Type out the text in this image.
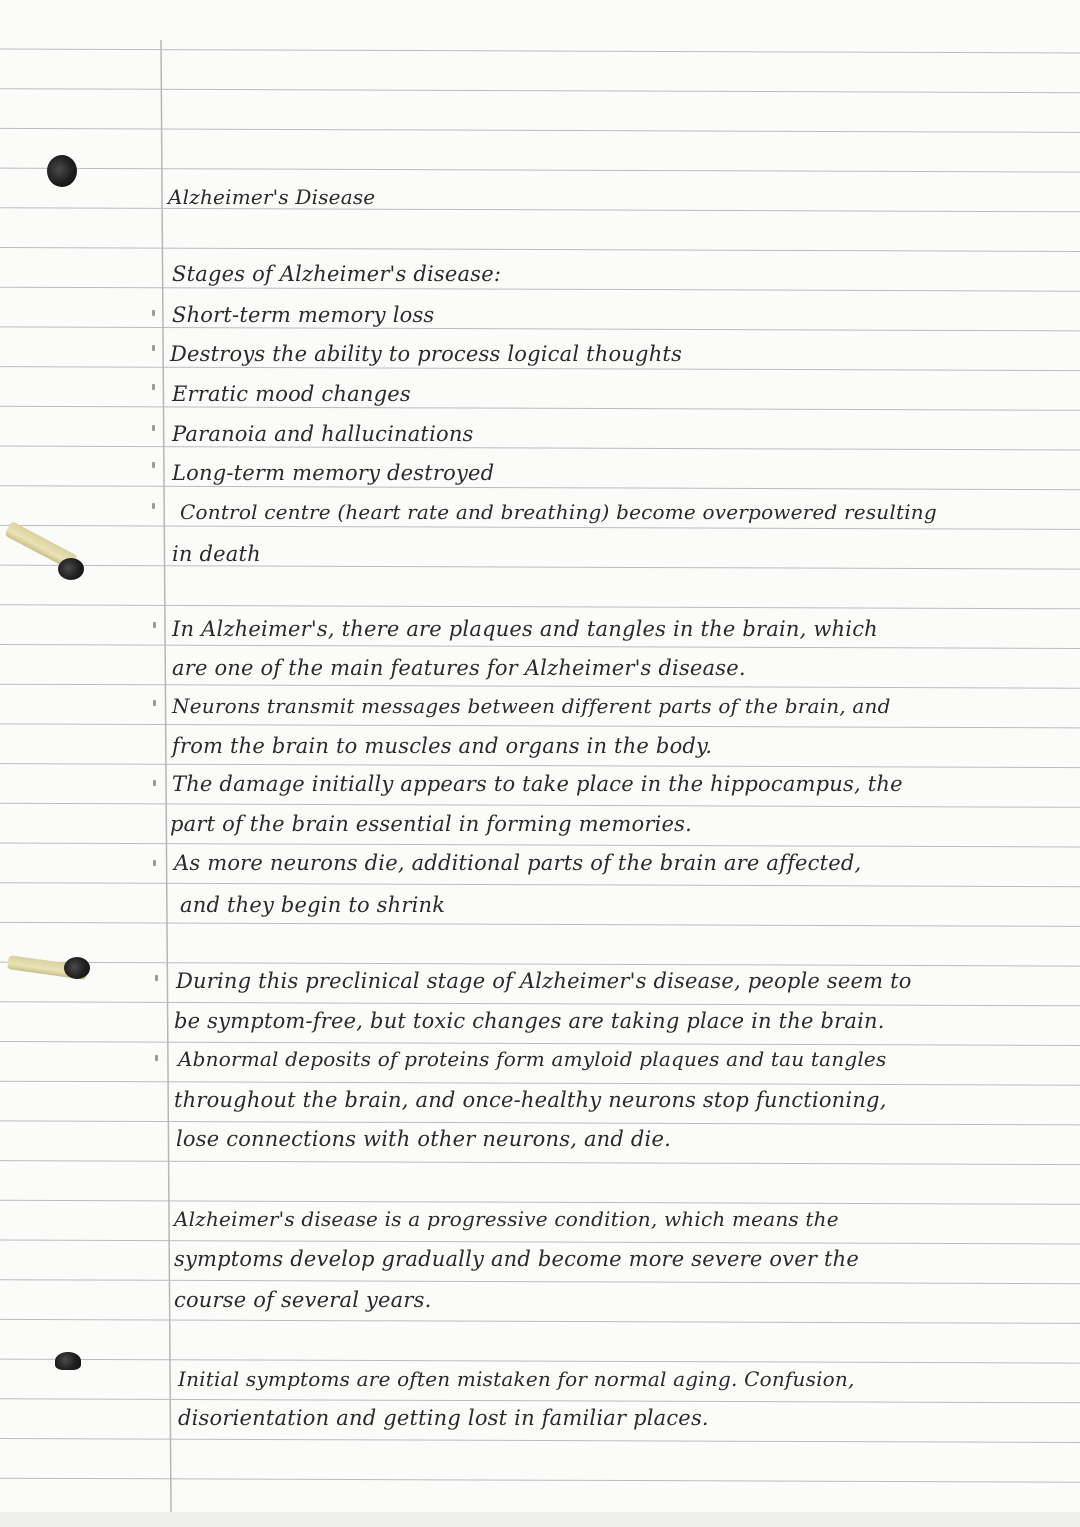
Alzheimer's Disease
Stages of Alzheimer's disease:
Short-term memory loss
Destroys the ability to process logical thoughts
Erratic mood changes
Paranoia and hallucinations
Long-term memory destroyed
Control centre (heart rate and breathing) become overpowered resulting
in death
In Alzheimer's, there are plaques and tangles in the brain, which
are one of the main features for Alzheimer's disease.
Neurons transmit messages between different parts of the brain, and
from the brain to muscles and organs in the body.
The damage initially appears to take place in the hippocampus, the
part of the brain essential in forming memories.
As more neurons die, additional parts of the brain are affected,
and they begin to shrink
During this preclinical stage of Alzheimer's disease, people seem to
be symptom-free, but toxic changes are taking place in the brain.
Abnormal deposits of proteins form amyloid plaques and tau tangles
throughout the brain, and once-healthy neurons stop functioning,
lose connections with other neurons, and die.
Alzheimer's disease is a progressive condition, which means the
symptoms develop gradually and become more severe over the
course of several years.
Initial symptoms are often mistaken for normal aging. Confusion,
disorientation and getting lost in familiar places.
